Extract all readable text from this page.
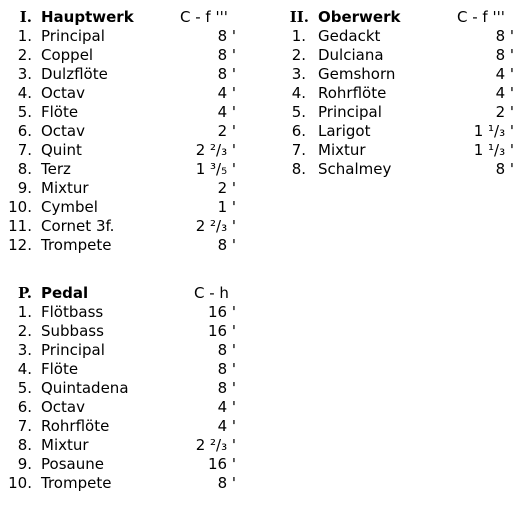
I. Hauptwerk	C - f '''
1. Principal	8 '
2. Coppel	8 '
3. Dulzflöte	8 '
4. Octav	4 '
5. Flöte	4 '
6. Octav	2 '
7. Quint	2 ²/₃ '
8. Terz	1 ³/₅ '
9. Mixtur	2 '
10. Cymbel	1 '
11. Cornet 3f.	2 ²/₃ '
12. Trompete	8 '
II. Oberwerk	C - f '''
1. Gedackt	8 '
2. Dulciana	8 '
3. Gemshorn	4 '
4. Rohrflöte	4 '
5. Principal	2 '
6. Larigot	1 ¹/₃ '
7. Mixtur	1 ¹/₃ '
8. Schalmey	8 '
P. Pedal	C - h
1. Flötbass	16 '
2. Subbass	16 '
3. Principal	8 '
4. Flöte	8 '
5. Quintadena	8 '
6. Octav	4 '
7. Rohrflöte	4 '
8. Mixtur	2 ²/₃ '
9. Posaune	16 '
10. Trompete	8 '
